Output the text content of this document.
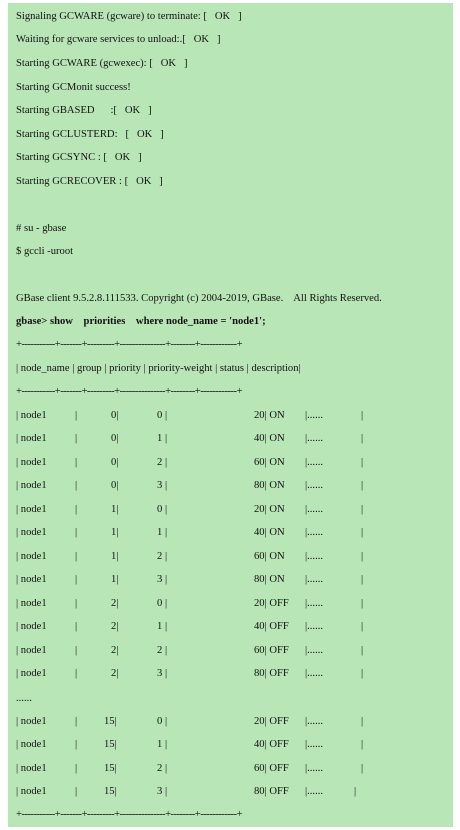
Signaling GCWARE (gcware) to terminate: [   OK   ]
Waiting for gcware services to unload:.[   OK   ]
Starting GCWARE (gcwexec): [   OK   ]
Starting GCMonit success!
Starting GBASED      :[   OK   ]
Starting GCLUSTERD:   [   OK   ]
Starting GCSYNC : [   OK   ]
Starting GCRECOVER : [   OK   ]
# su - gbase
$ gccli -uroot
GBase client 9.5.2.8.111533. Copyright (c) 2004-2019, GBase.    All Rights Reserved.
gbase> show    priorities    where node_name = 'node1';
+-----------+-------+---------+---------------+--------+------------+
| node_name | group | priority | priority-weight | status | description|
+-----------+-------+---------+---------------+--------+------------+
| node1	|	0|	0 |	20| ON |......	|
| node1	|	0|	1 |	40| ON |......	|
| node1	|	0|	2 |	60| ON |......	|
| node1	|	0|	3 |	80| ON |......	|
| node1	|	1|	0 |	20| ON |......	|
| node1	|	1|	1 |	40| ON |......	|
| node1	|	1|	2 |	60| ON |......	|
| node1	|	1|	3 |	80| ON |......	|
| node1	|	2|	0 |	20| OFF |......	|
| node1	|	2|	1 |	40| OFF |......	|
| node1	|	2|	2 |	60| OFF |......	|
| node1	|	2|	3 |	80| OFF |......	|
......
| node1	|	15|	0 |	20| OFF |......	|
| node1	|	15|	1 |	40| OFF |......	|
| node1	|	15|	2 |	60| OFF |......	|
| node1	|	15|	3 |	80| OFF |......	|
+-----------+-------+---------+---------------+--------+------------+
